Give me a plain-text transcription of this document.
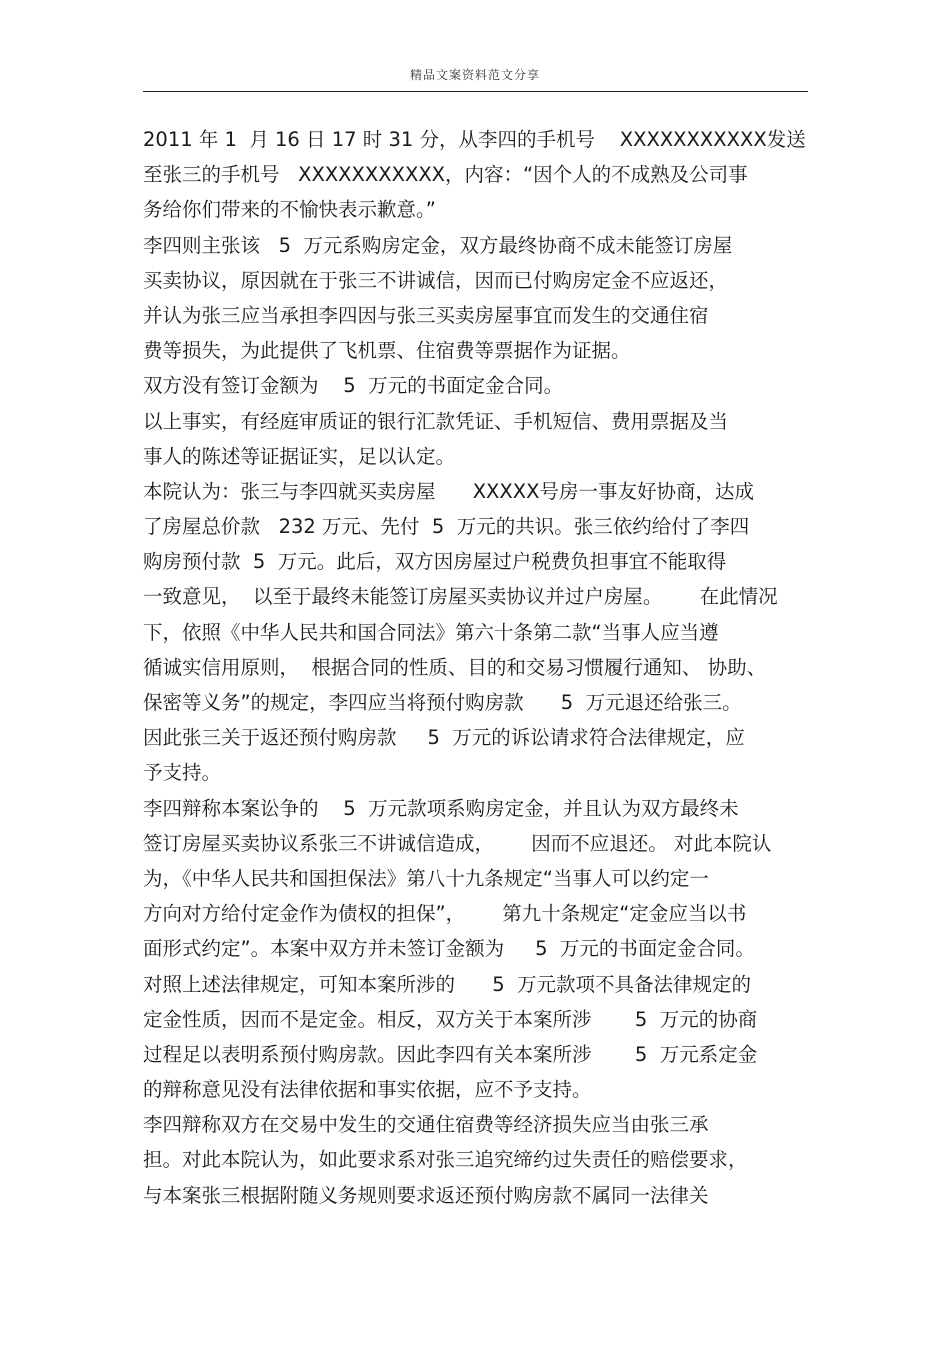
精品文案资料范文分享
2011 年 1  月 16 日 17 时 31 分，从李四的手机号    XXXXXXXXXXX发送
至张三的手机号   XXXXXXXXXXX，内容：“因个人的不成熟及公司事
务给你们带来的不愉快表示歉意。”
李四则主张该   5  万元系购房定金，双方最终协商不成未能签订房屋
买卖协议，原因就在于张三不讲诚信，因而已付购房定金不应返还，
并认为张三应当承担李四因与张三买卖房屋事宜而发生的交通住宿
费等损失，为此提供了飞机票、住宿费等票据作为证据。
双方没有签订金额为    5  万元的书面定金合同。
以上事实，有经庭审质证的银行汇款凭证、手机短信、费用票据及当
事人的陈述等证据证实，足以认定。
本院认为：张三与李四就买卖房屋      XXXXX号房一事友好协商，达成
了房屋总价款   232 万元、先付  5  万元的共识。张三依约给付了李四
购房预付款  5  万元。此后，双方因房屋过户税费负担事宜不能取得
一致意见，  以至于最终未能签订房屋买卖协议并过户房屋。      在此情况
下，依照《中华人民共和国合同法》第六十条第二款“当事人应当遵
循诚实信用原则，  根据合同的性质、目的和交易习惯履行通知、 协助、
保密等义务”的规定，李四应当将预付购房款      5  万元退还给张三。
因此张三关于返还预付购房款     5  万元的诉讼请求符合法律规定，应
予支持。
李四辩称本案讼争的    5  万元款项系购房定金，并且认为双方最终未
签订房屋买卖协议系张三不讲诚信造成，      因而不应退还。 对此本院认
为，《中华人民共和国担保法》第八十九条规定“当事人可以约定一
方向对方给付定金作为债权的担保”，      第九十条规定“定金应当以书
面形式约定”。本案中双方并未签订金额为     5  万元的书面定金合同。
对照上述法律规定，可知本案所涉的      5  万元款项不具备法律规定的
定金性质，因而不是定金。相反，双方关于本案所涉       5  万元的协商
过程足以表明系预付购房款。因此李四有关本案所涉       5  万元系定金
的辩称意见没有法律依据和事实依据，应不予支持。
李四辩称双方在交易中发生的交通住宿费等经济损失应当由张三承
担。对此本院认为，如此要求系对张三追究缔约过失责任的赔偿要求，
与本案张三根据附随义务规则要求返还预付购房款不属同一法律关
